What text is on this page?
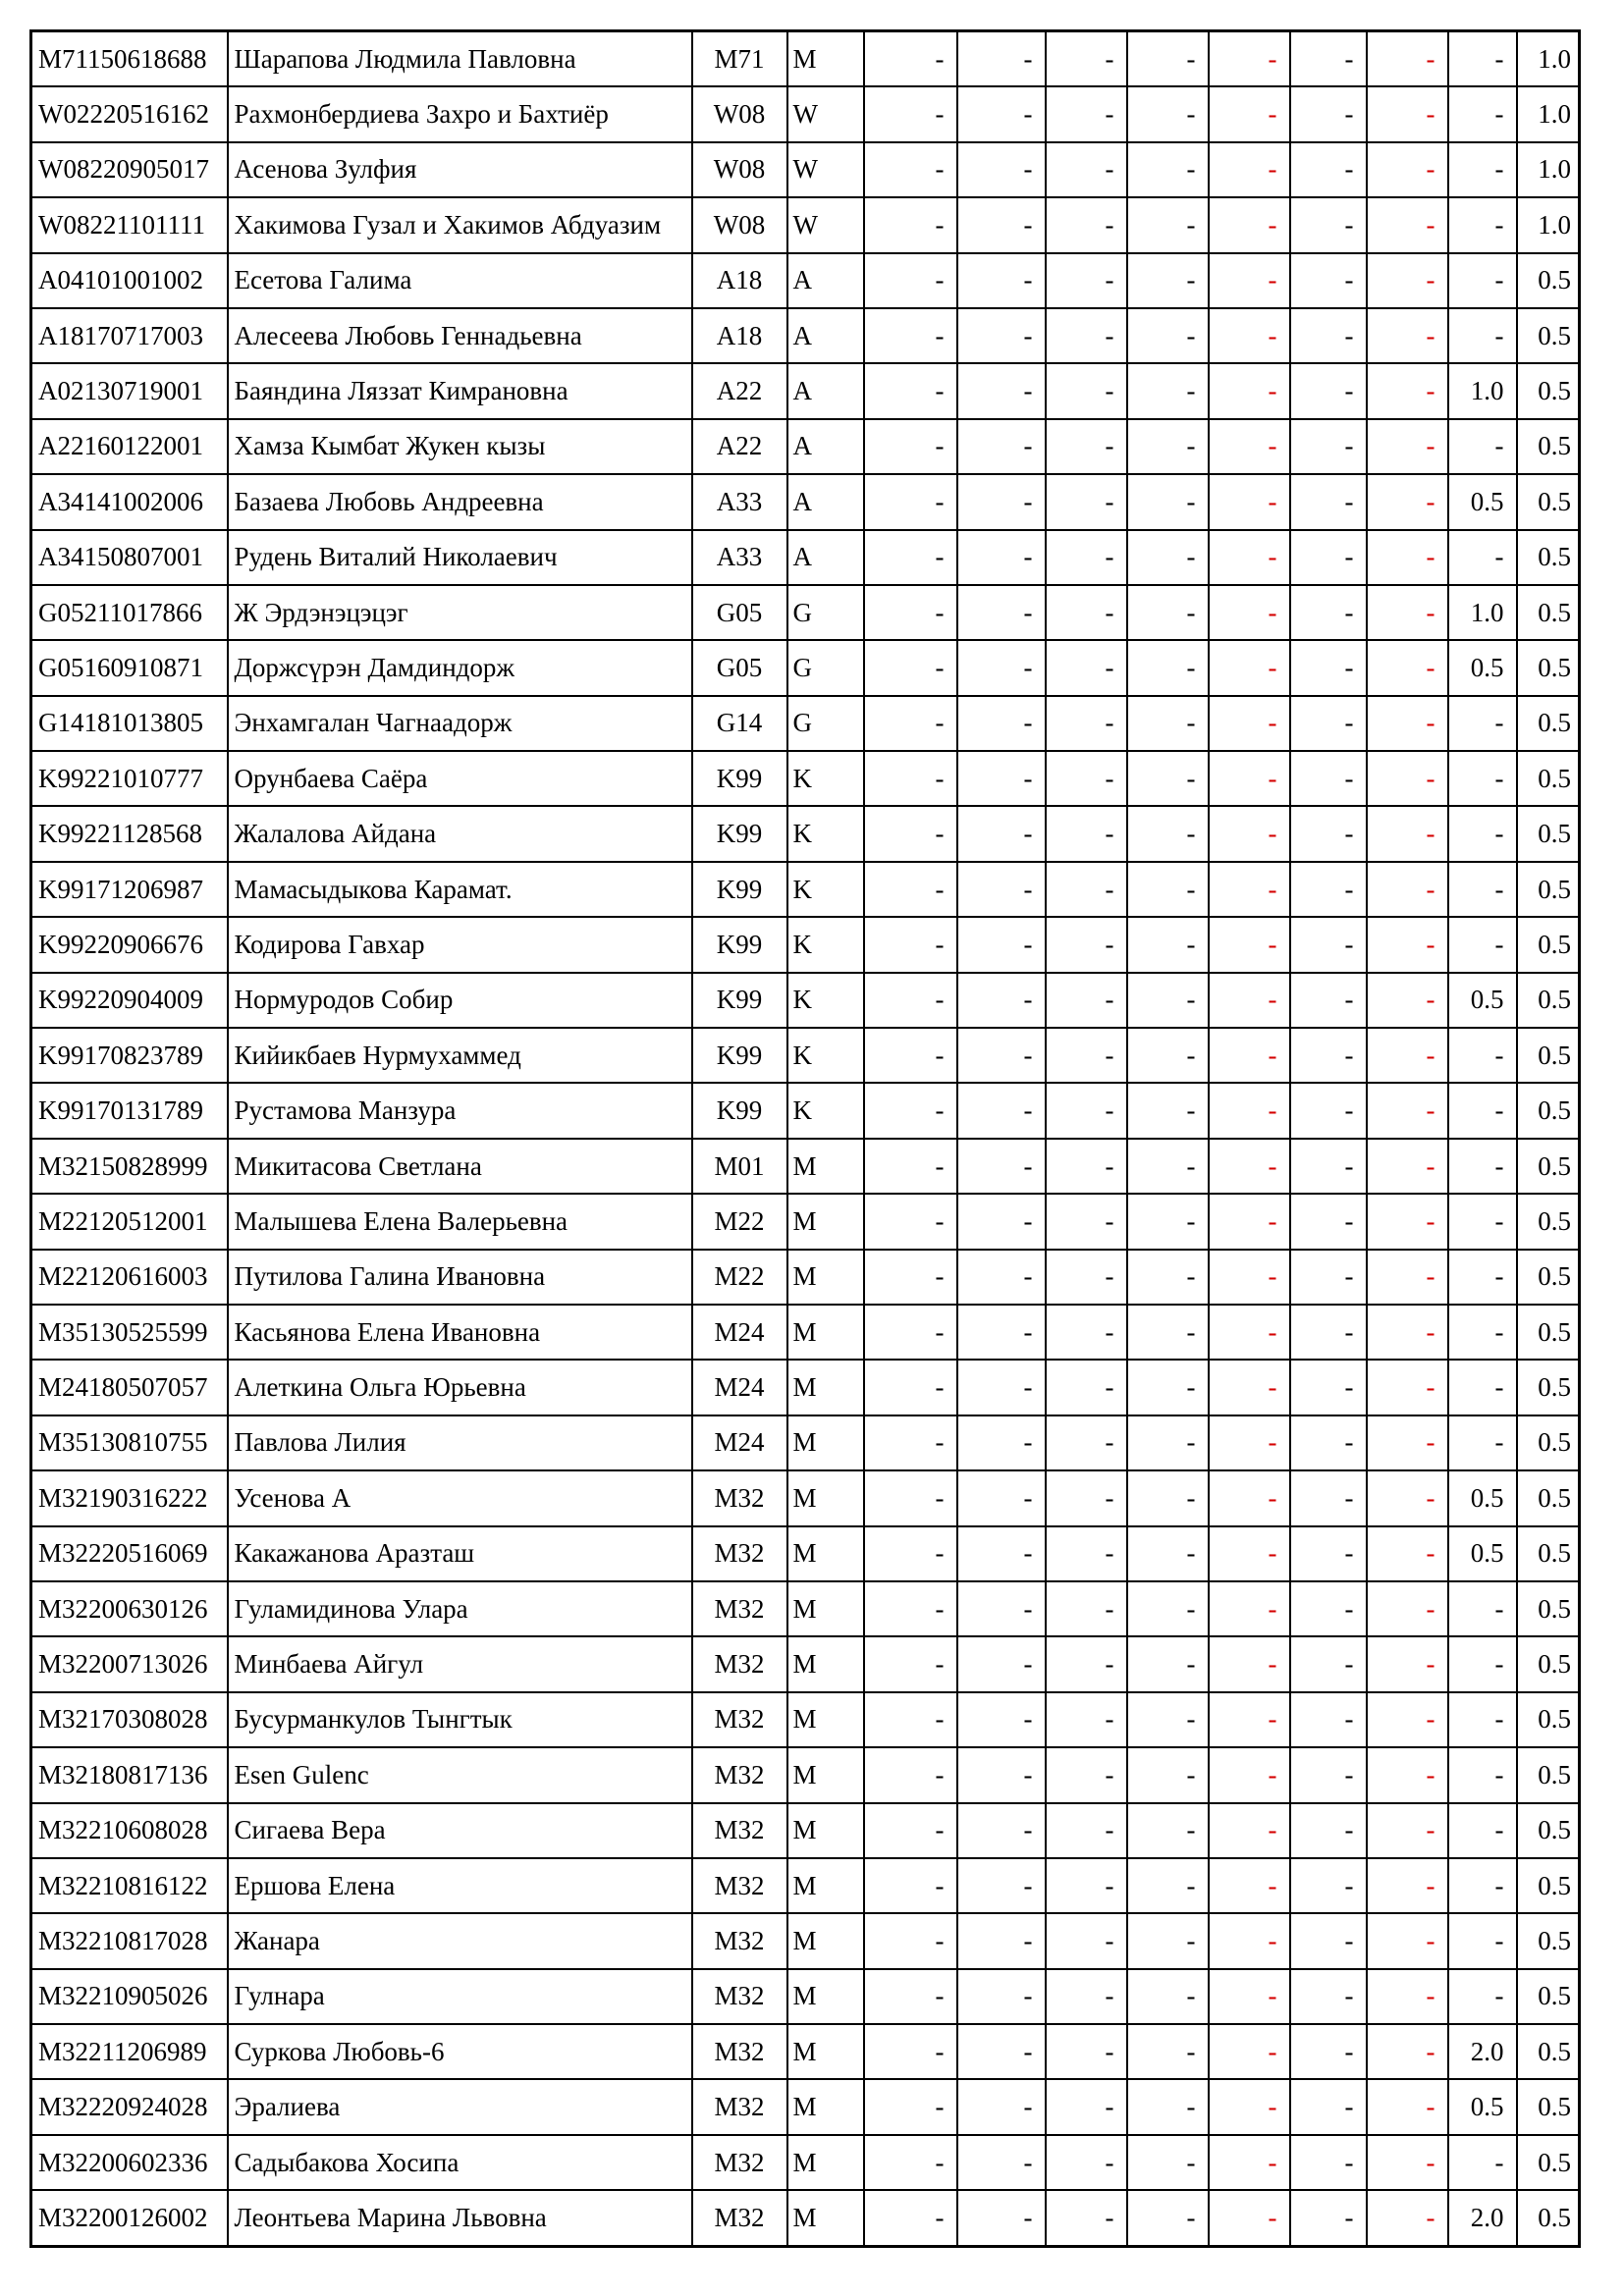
M71150618688	Шарапова Людмила Павловна	M71	M	-	-	-	-	-	-	-	-	1.0
W02220516162	Рахмонбердиева Захро и Бахтиёр	W08	W	-	-	-	-	-	-	-	-	1.0
W08220905017	Асенова Зулфия	W08	W	-	-	-	-	-	-	-	-	1.0
W08221101111	Хакимова Гузал и Хакимов Абдуазим	W08	W	-	-	-	-	-	-	-	-	1.0
A04101001002	Есетова Галима	A18	A	-	-	-	-	-	-	-	-	0.5
A18170717003	Алесеева Любовь Геннадьевна	A18	A	-	-	-	-	-	-	-	-	0.5
A02130719001	Баяндина Ляззат Кимрановна	A22	A	-	-	-	-	-	-	-	1.0	0.5
A22160122001	Хамза Кымбат Жукен кызы	A22	A	-	-	-	-	-	-	-	-	0.5
A34141002006	Базаева Любовь Андреевна	A33	A	-	-	-	-	-	-	-	0.5	0.5
A34150807001	Рудень Виталий Николаевич	A33	A	-	-	-	-	-	-	-	-	0.5
G05211017866	Ж Эрдэнэцэцэг	G05	G	-	-	-	-	-	-	-	1.0	0.5
G05160910871	Доржсүрэн Дамдиндорж	G05	G	-	-	-	-	-	-	-	0.5	0.5
G14181013805	Энхамгалан Чагнаадорж	G14	G	-	-	-	-	-	-	-	-	0.5
K99221010777	Орунбаева Саёра	K99	K	-	-	-	-	-	-	-	-	0.5
K99221128568	Жалалова Айдана	K99	K	-	-	-	-	-	-	-	-	0.5
K99171206987	Мамасыдыкова Карамат.	K99	K	-	-	-	-	-	-	-	-	0.5
K99220906676	Кодирова Гавхар	K99	K	-	-	-	-	-	-	-	-	0.5
K99220904009	Нормуродов Собир	K99	K	-	-	-	-	-	-	-	0.5	0.5
K99170823789	Кийикбаев Нурмухаммед	K99	K	-	-	-	-	-	-	-	-	0.5
K99170131789	Рустамова Манзура	K99	K	-	-	-	-	-	-	-	-	0.5
M32150828999	Микитасова Светлана	M01	M	-	-	-	-	-	-	-	-	0.5
M22120512001	Малышева Елена Валерьевна	M22	M	-	-	-	-	-	-	-	-	0.5
M22120616003	Путилова Галина Ивановна	M22	M	-	-	-	-	-	-	-	-	0.5
M35130525599	Касьянова Елена Ивановна	M24	M	-	-	-	-	-	-	-	-	0.5
M24180507057	Алеткина Ольга Юрьевна	M24	M	-	-	-	-	-	-	-	-	0.5
M35130810755	Павлова Лилия	M24	M	-	-	-	-	-	-	-	-	0.5
M32190316222	Усенова А	M32	M	-	-	-	-	-	-	-	0.5	0.5
M32220516069	Какажанова Аразташ	M32	M	-	-	-	-	-	-	-	0.5	0.5
M32200630126	Гуламидинова Улара	M32	M	-	-	-	-	-	-	-	-	0.5
M32200713026	Минбаева Айгул	M32	M	-	-	-	-	-	-	-	-	0.5
M32170308028	Бусурманкулов Тынгтык	M32	M	-	-	-	-	-	-	-	-	0.5
M32180817136	Esen Gulenc	M32	M	-	-	-	-	-	-	-	-	0.5
M32210608028	Сигаева Вера	M32	M	-	-	-	-	-	-	-	-	0.5
M32210816122	Ершова Елена	M32	M	-	-	-	-	-	-	-	-	0.5
M32210817028	Жанара	M32	M	-	-	-	-	-	-	-	-	0.5
M32210905026	Гулнара	M32	M	-	-	-	-	-	-	-	-	0.5
M32211206989	Суркова Любовь-6	M32	M	-	-	-	-	-	-	-	2.0	0.5
M32220924028	Эралиева	M32	M	-	-	-	-	-	-	-	0.5	0.5
M32200602336	Садыбакова Хосипа	M32	M	-	-	-	-	-	-	-	-	0.5
M32200126002	Леонтьева Марина Львовна	M32	M	-	-	-	-	-	-	-	2.0	0.5
